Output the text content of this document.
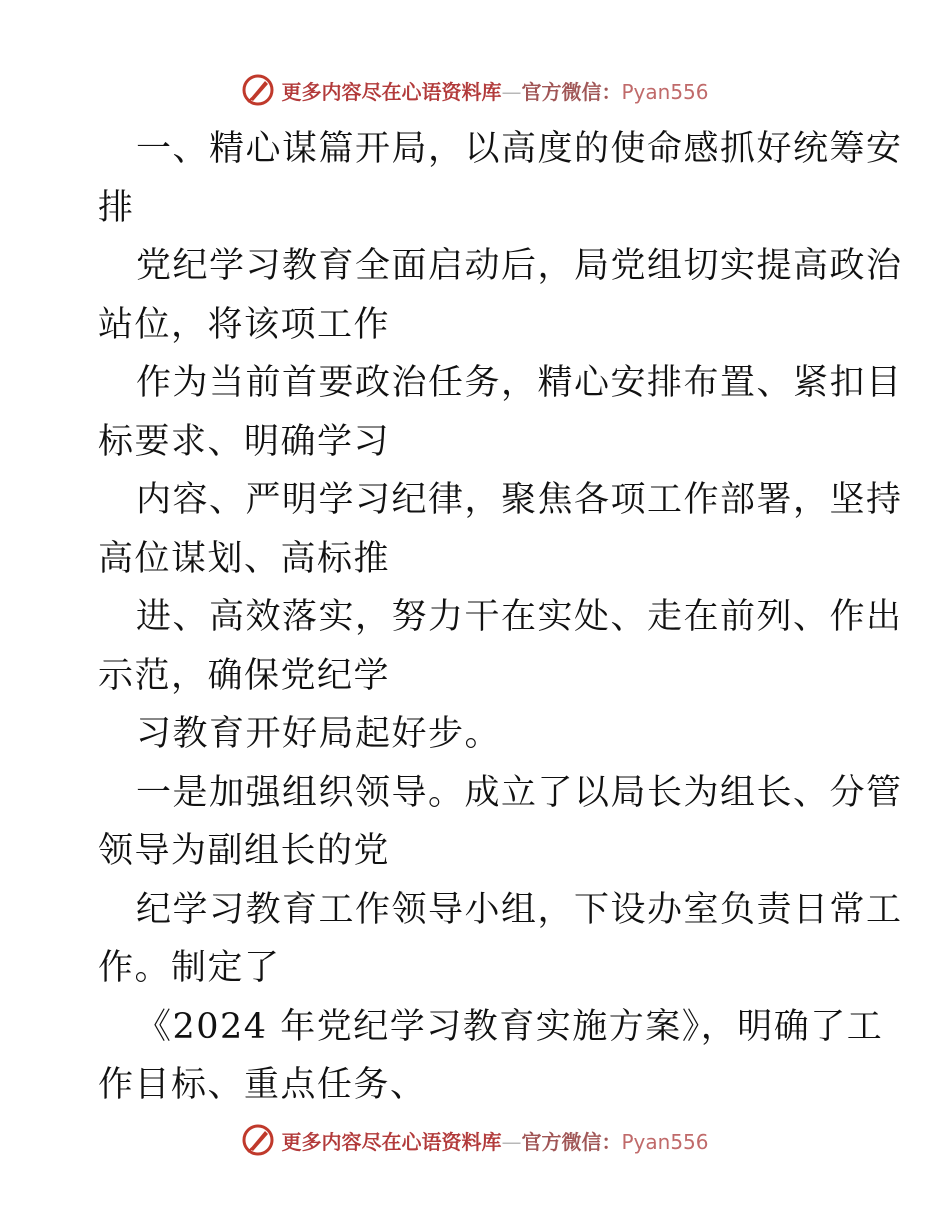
更多内容尽在心语资料库—官方微信：Pyan556
一、精心谋篇开局，以高度的使命感抓好统筹安
排
党纪学习教育全面启动后，局党组切实提高政治
站位，将该项工作
作为当前首要政治任务，精心安排布置、紧扣目
标要求、明确学习
内容、严明学习纪律，聚焦各项工作部署，坚持
高位谋划、高标推
进、高效落实，努力干在实处、走在前列、作出
示范，确保党纪学
习教育开好局起好步。
一是加强组织领导。成立了以局长为组长、分管
领导为副组长的党
纪学习教育工作领导小组，下设办室负责日常工
作。制定了
《2024 年党纪学习教育实施方案》，明确了工
作目标、重点任务、
更多内容尽在心语资料库—官方微信：Pyan556
